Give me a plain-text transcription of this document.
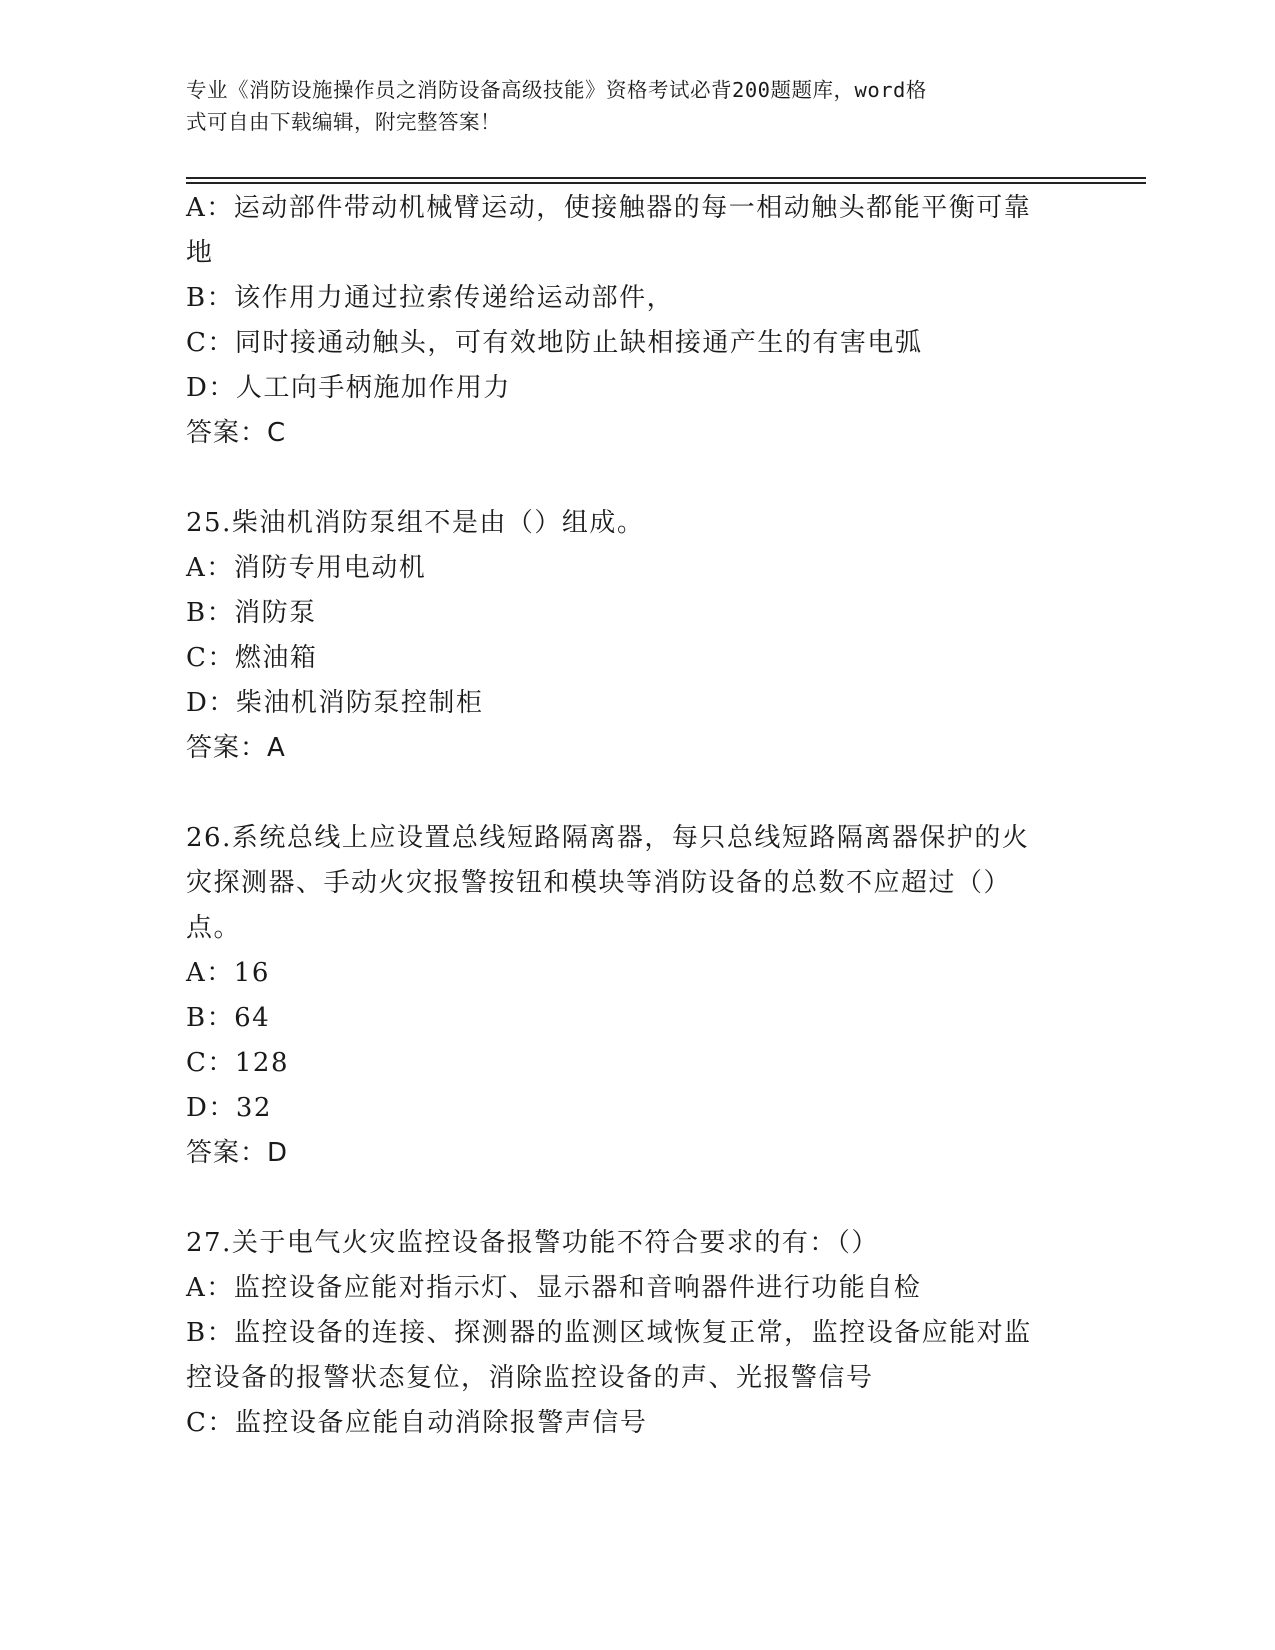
专业《消防设施操作员之消防设备高级技能》资格考试必背200题题库，word格
式可自由下载编辑，附完整答案！
A：运动部件带动机械臂运动，使接触器的每一相动触头都能平衡可靠
地
B：该作用力通过拉索传递给运动部件，
C：同时接通动触头，可有效地防止缺相接通产生的有害电弧
D：人工向手柄施加作用力
答案：C
25.柴油机消防泵组不是由（）组成。
A：消防专用电动机
B：消防泵
C：燃油箱
D：柴油机消防泵控制柜
答案：A
26.系统总线上应设置总线短路隔离器，每只总线短路隔离器保护的火
灾探测器、手动火灾报警按钮和模块等消防设备的总数不应超过（）
点。
A：16
B：64
C：128
D：32
答案：D
27.关于电气火灾监控设备报警功能不符合要求的有：（）
A：监控设备应能对指示灯、显示器和音响器件进行功能自检
B：监控设备的连接、探测器的监测区域恢复正常，监控设备应能对监
控设备的报警状态复位，消除监控设备的声、光报警信号
C：监控设备应能自动消除报警声信号
